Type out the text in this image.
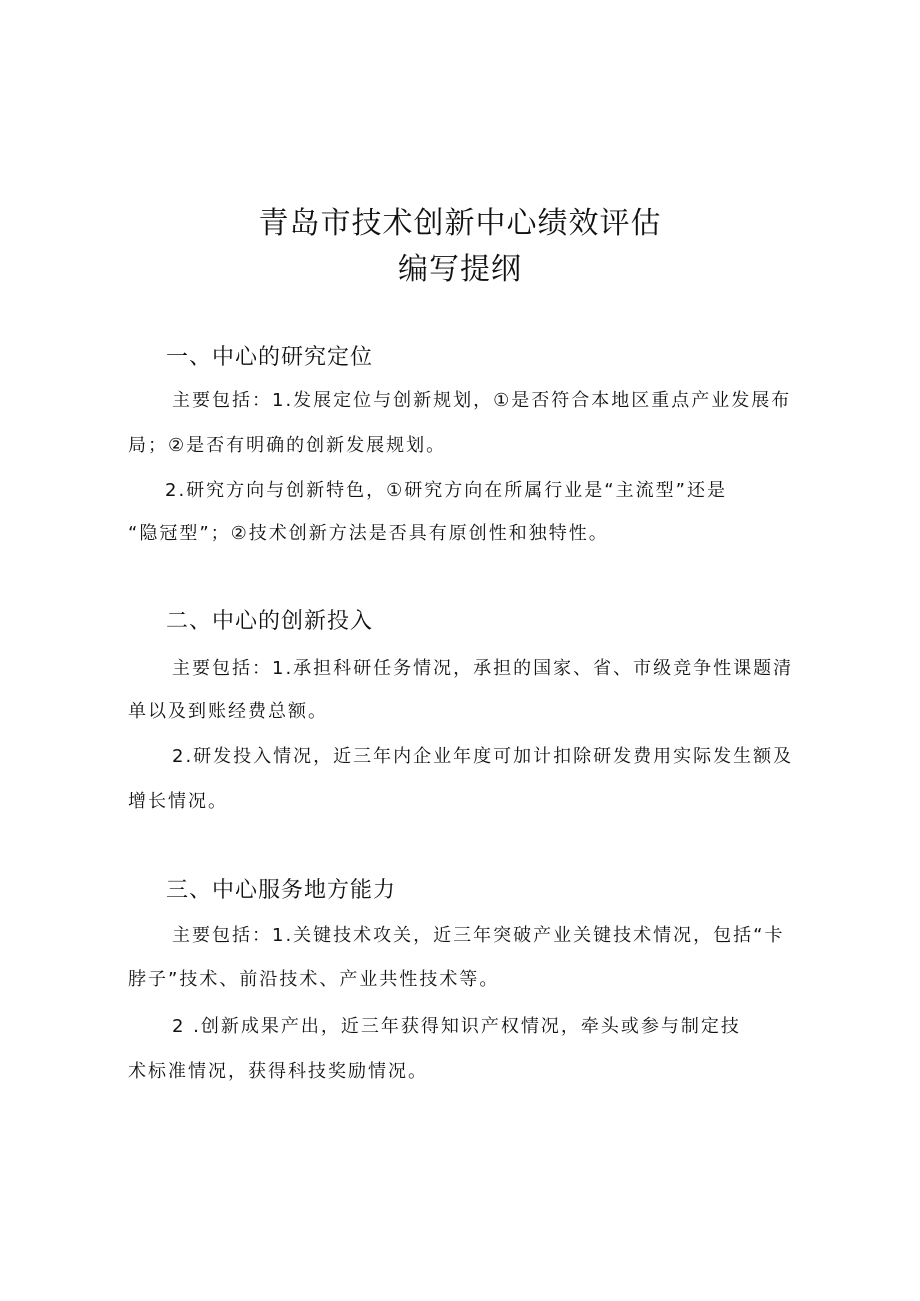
青岛市技术创新中心绩效评估
编写提纲
一、中心的研究定位
主要包括：1.发展定位与创新规划，①是否符合本地区重点产业发展布
局；②是否有明确的创新发展规划。
2.研究方向与创新特色，①研究方向在所属行业是“主流型”还是
“隐冠型”；②技术创新方法是否具有原创性和独特性。
二、中心的创新投入
主要包括：1.承担科研任务情况，承担的国家、省、市级竞争性课题清
单以及到账经费总额。
2.研发投入情况，近三年内企业年度可加计扣除研发费用实际发生额及
增长情况。
三、中心服务地方能力
主要包括：1.关键技术攻关，近三年突破产业关键技术情况，包括“卡
脖子”技术、前沿技术、产业共性技术等。
2 .创新成果产出，近三年获得知识产权情况，牵头或参与制定技
术标准情况，获得科技奖励情况。
